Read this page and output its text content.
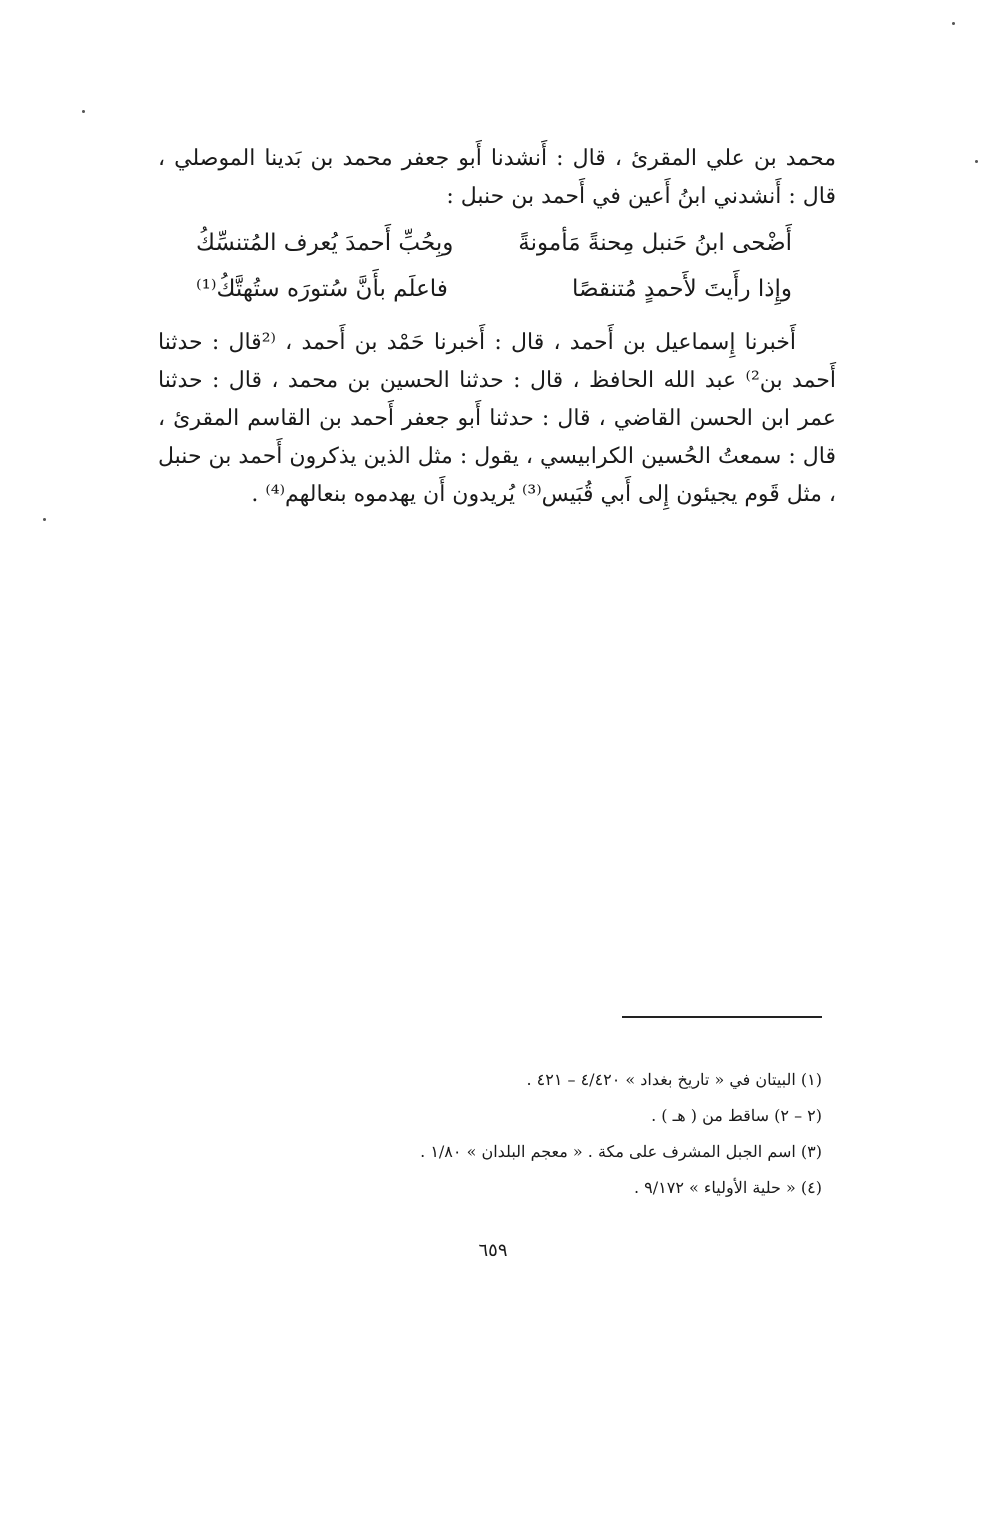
محمد بن علي المقرئ ، قال : أَنشدنا أَبو جعفر محمد بن بَدينا الموصلي ، قال : أَنشدني ابنُ أَعين في أَحمد بن حنبل :

أَضْحى ابنُ حَنبل مِحنةً مَأمونةً
وبِحُبِّ أَحمدَ يُعرف المُتنسِّكُ
وإِذا رأَيتَ لأَحمدٍ مُتنقصًا
فاعلَم بأَنَّ سُتورَه ستُهتَّكُ⁽¹⁾

أَخبرنا إِسماعيل بن أَحمد ، قال : أَخبرنا حَمْد بن أَحمد ، ⁽²قال : حدثنا أَحمد بن²⁾ عبد الله الحافظ ، قال : حدثنا الحسين بن محمد ، قال : حدثنا عمر ابن الحسن القاضي ، قال : حدثنا أَبو جعفر أَحمد بن القاسم المقرئ ، قال : سمعتُ الحُسين الكرابيسي ، يقول : مثل الذين يذكرون أَحمد بن حنبل ، مثل قَوم يجيئون إِلى أَبي قُبَيس⁽³⁾ يُريدون أَن يهدموه بنعالهم⁽⁴⁾ .

(١) البيتان في « تاريخ بغداد » ٤/٤٢٠ – ٤٢١ .
(٢ – ٢) ساقط من ( هـ ) .
(٣) اسم الجبل المشرف على مكة . « معجم البلدان » ١/٨٠ .
(٤) « حلية الأولياء » ٩/١٧٢ .
٦٥٩
